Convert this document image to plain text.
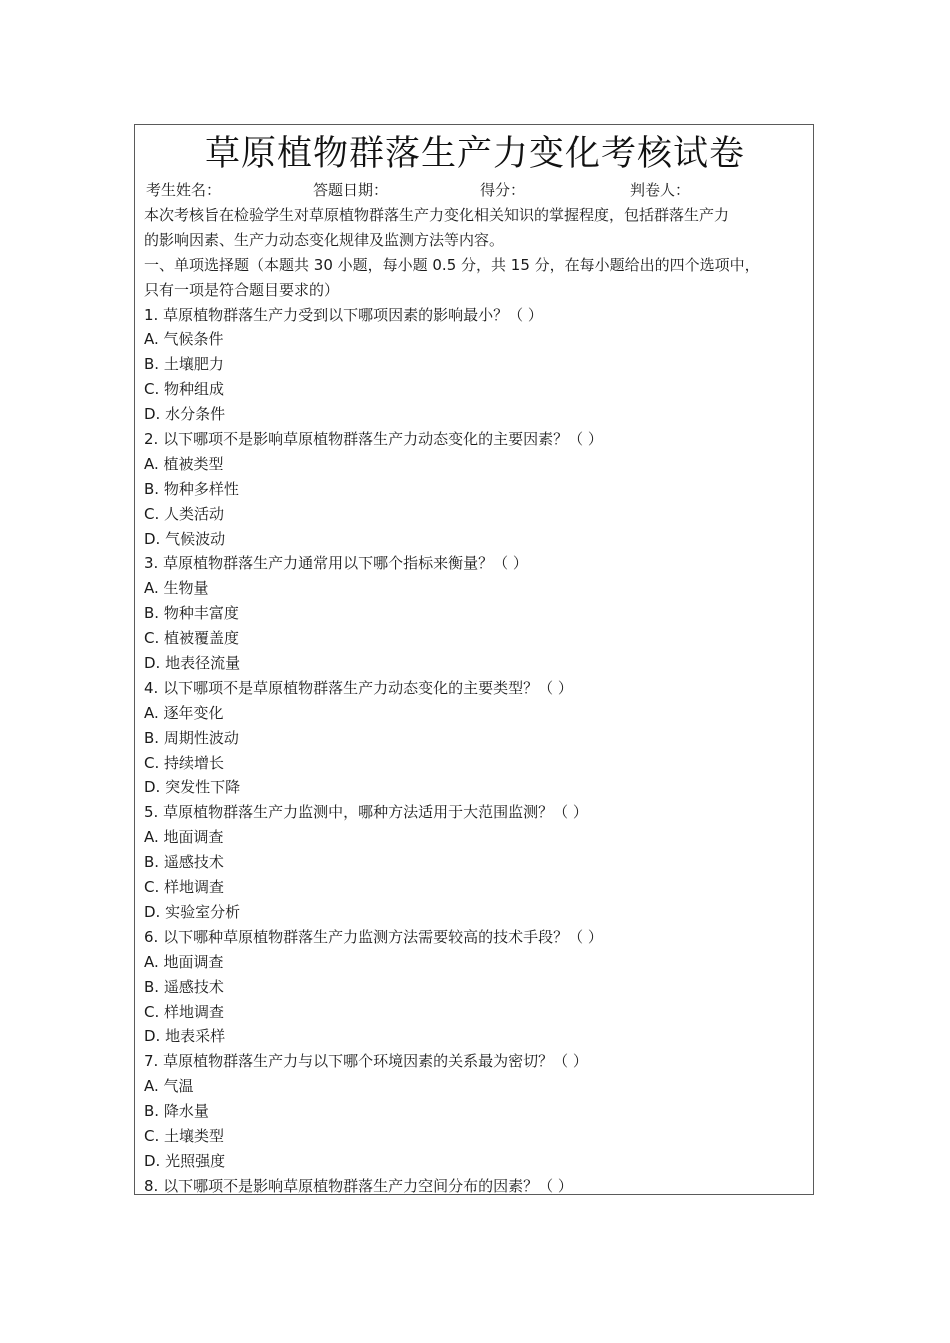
草原植物群落生产力变化考核试卷
考生姓名：	答题日期：	得分：	判卷人：
本次考核旨在检验学生对草原植物群落生产力变化相关知识的掌握程度，包括群落生产力
的影响因素、生产力动态变化规律及监测方法等内容。
一、单项选择题（本题共 30 小题，每小题 0.5 分，共 15 分，在每小题给出的四个选项中，
只有一项是符合题目要求的）
1. 草原植物群落生产力受到以下哪项因素的影响最小？（ ）
A. 气候条件
B. 土壤肥力
C. 物种组成
D. 水分条件
2. 以下哪项不是影响草原植物群落生产力动态变化的主要因素？（ ）
A. 植被类型
B. 物种多样性
C. 人类活动
D. 气候波动
3. 草原植物群落生产力通常用以下哪个指标来衡量？（ ）
A. 生物量
B. 物种丰富度
C. 植被覆盖度
D. 地表径流量
4. 以下哪项不是草原植物群落生产力动态变化的主要类型？（ ）
A. 逐年变化
B. 周期性波动
C. 持续增长
D. 突发性下降
5. 草原植物群落生产力监测中，哪种方法适用于大范围监测？（ ）
A. 地面调查
B. 遥感技术
C. 样地调查
D. 实验室分析
6. 以下哪种草原植物群落生产力监测方法需要较高的技术手段？（ ）
A. 地面调查
B. 遥感技术
C. 样地调查
D. 地表采样
7. 草原植物群落生产力与以下哪个环境因素的关系最为密切？（ ）
A. 气温
B. 降水量
C. 土壤类型
D. 光照强度
8. 以下哪项不是影响草原植物群落生产力空间分布的因素？（ ）
